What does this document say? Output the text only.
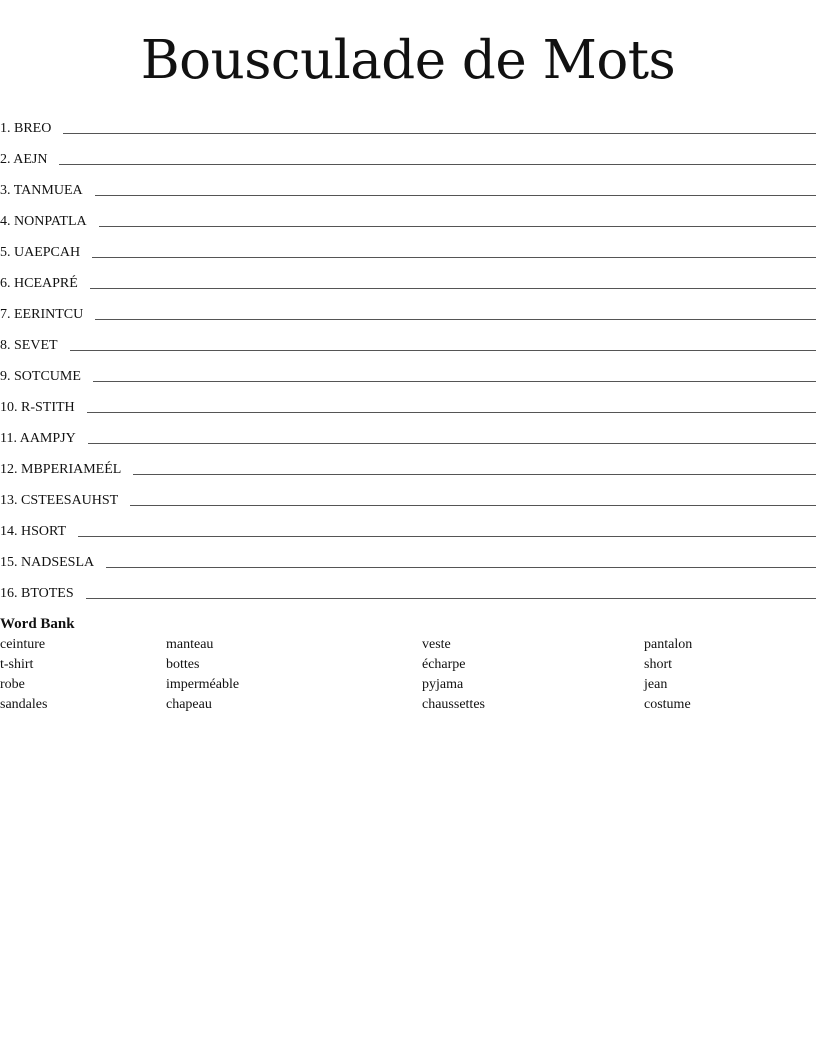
Bousculade de Mots
1. BREO
2. AEJN
3. TANMUEA
4. NONPATLA
5. UAEPCAH
6. HCEAPRÉ
7. EERINTCU
8. SEVET
9. SOTCUME
10. R-STITH
11. AAMPJY
12. MBPERIAMEÉL
13. CSTEESAUHST
14. HSORT
15. NADSESLA
16. BTOTES
Word Bank
ceinture	manteau	veste	pantalon
t-shirt	bottes	écharpe	short
robe	imperméable	pyjama	jean
sandales	chapeau	chaussettes	costume
